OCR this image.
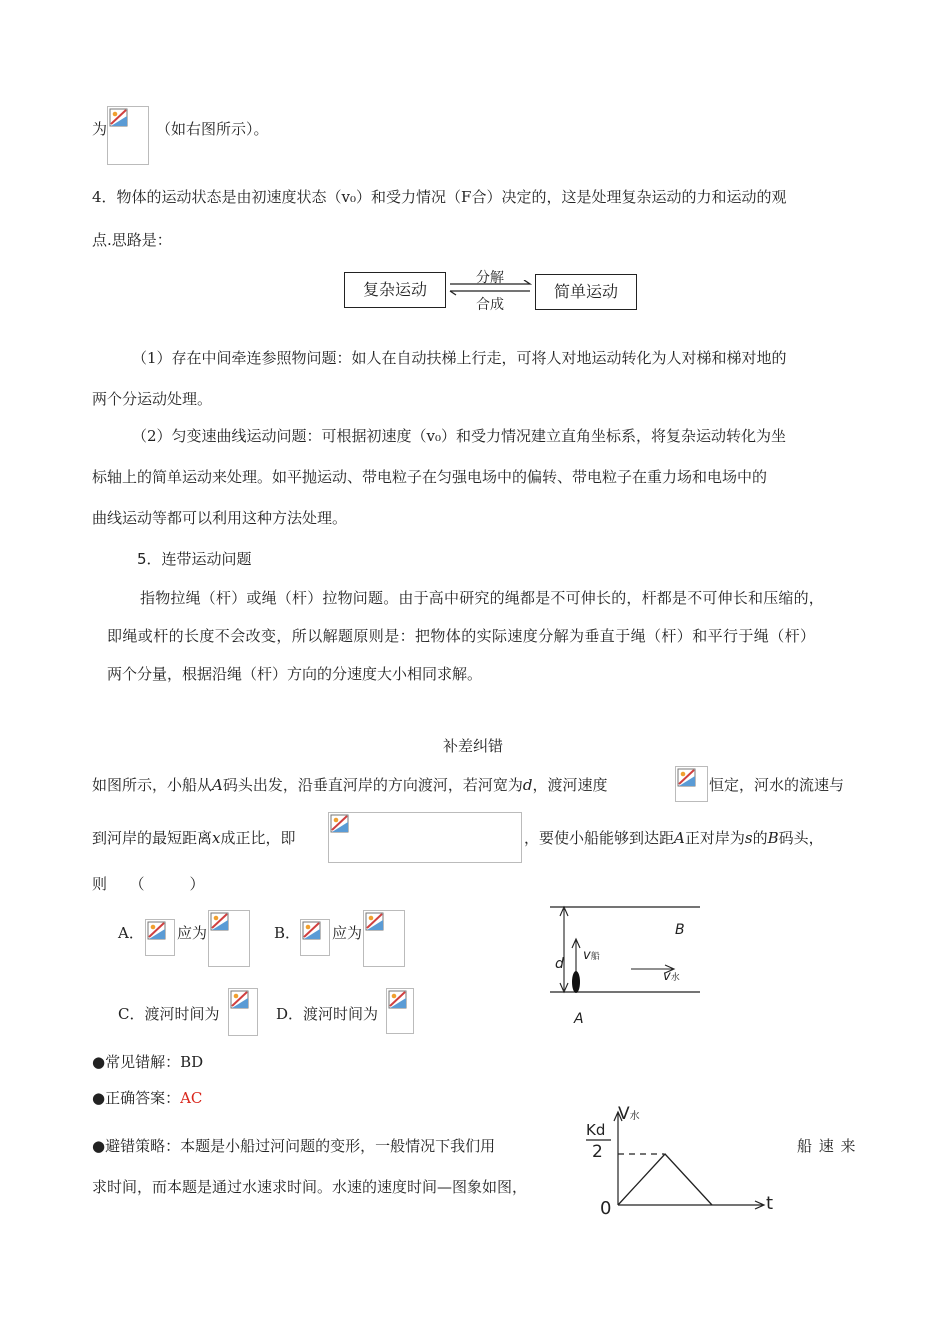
为	（如右图所示）。
4．物体的运动状态是由初速度状态（v₀）和受力情况（F合）决定的，这是处理复杂运动的力和运动的观
点.思路是：
复杂运动	简单运动
分解
合成
（1）存在中间牵连参照物问题：如人在自动扶梯上行走，可将人对地运动转化为人对梯和梯对地的
两个分运动处理。
（2）匀变速曲线运动问题：可根据初速度（v₀）和受力情况建立直角坐标系，将复杂运动转化为坐
标轴上的简单运动来处理。如平抛运动、带电粒子在匀强电场中的偏转、带电粒子在重力场和电场中的
曲线运动等都可以利用这种方法处理。
5．连带运动问题
指物拉绳（杆）或绳（杆）拉物问题。由于高中研究的绳都是不可伸长的，杆都是不可伸长和压缩的，
即绳或杆的长度不会改变，所以解题原则是：把物体的实际速度分解为垂直于绳（杆）和平行于绳（杆）
两个分量，根据沿绳（杆）方向的分速度大小相同求解。
补差纠错
如图所示，小船从A码头出发，沿垂直河岸的方向渡河，若河宽为d，渡河速度	恒定，河水的流速与
到河岸的最短距离x成正比，即	，要使小船能够到达距A正对岸为s的B码头，
则　　（　　　）
A． 应为	B． 应为
C．渡河时间为	D．渡河时间为
B
A
d
v船
v水
●常见错解：BD
●正确答案：AC
●避错策略：本题是小船过河问题的变形，一般情况下我们用	船 速 来
求时间，而本题是通过水速求时间。水速的速度时间—图象如图，
V水
Kd
2
0	t
